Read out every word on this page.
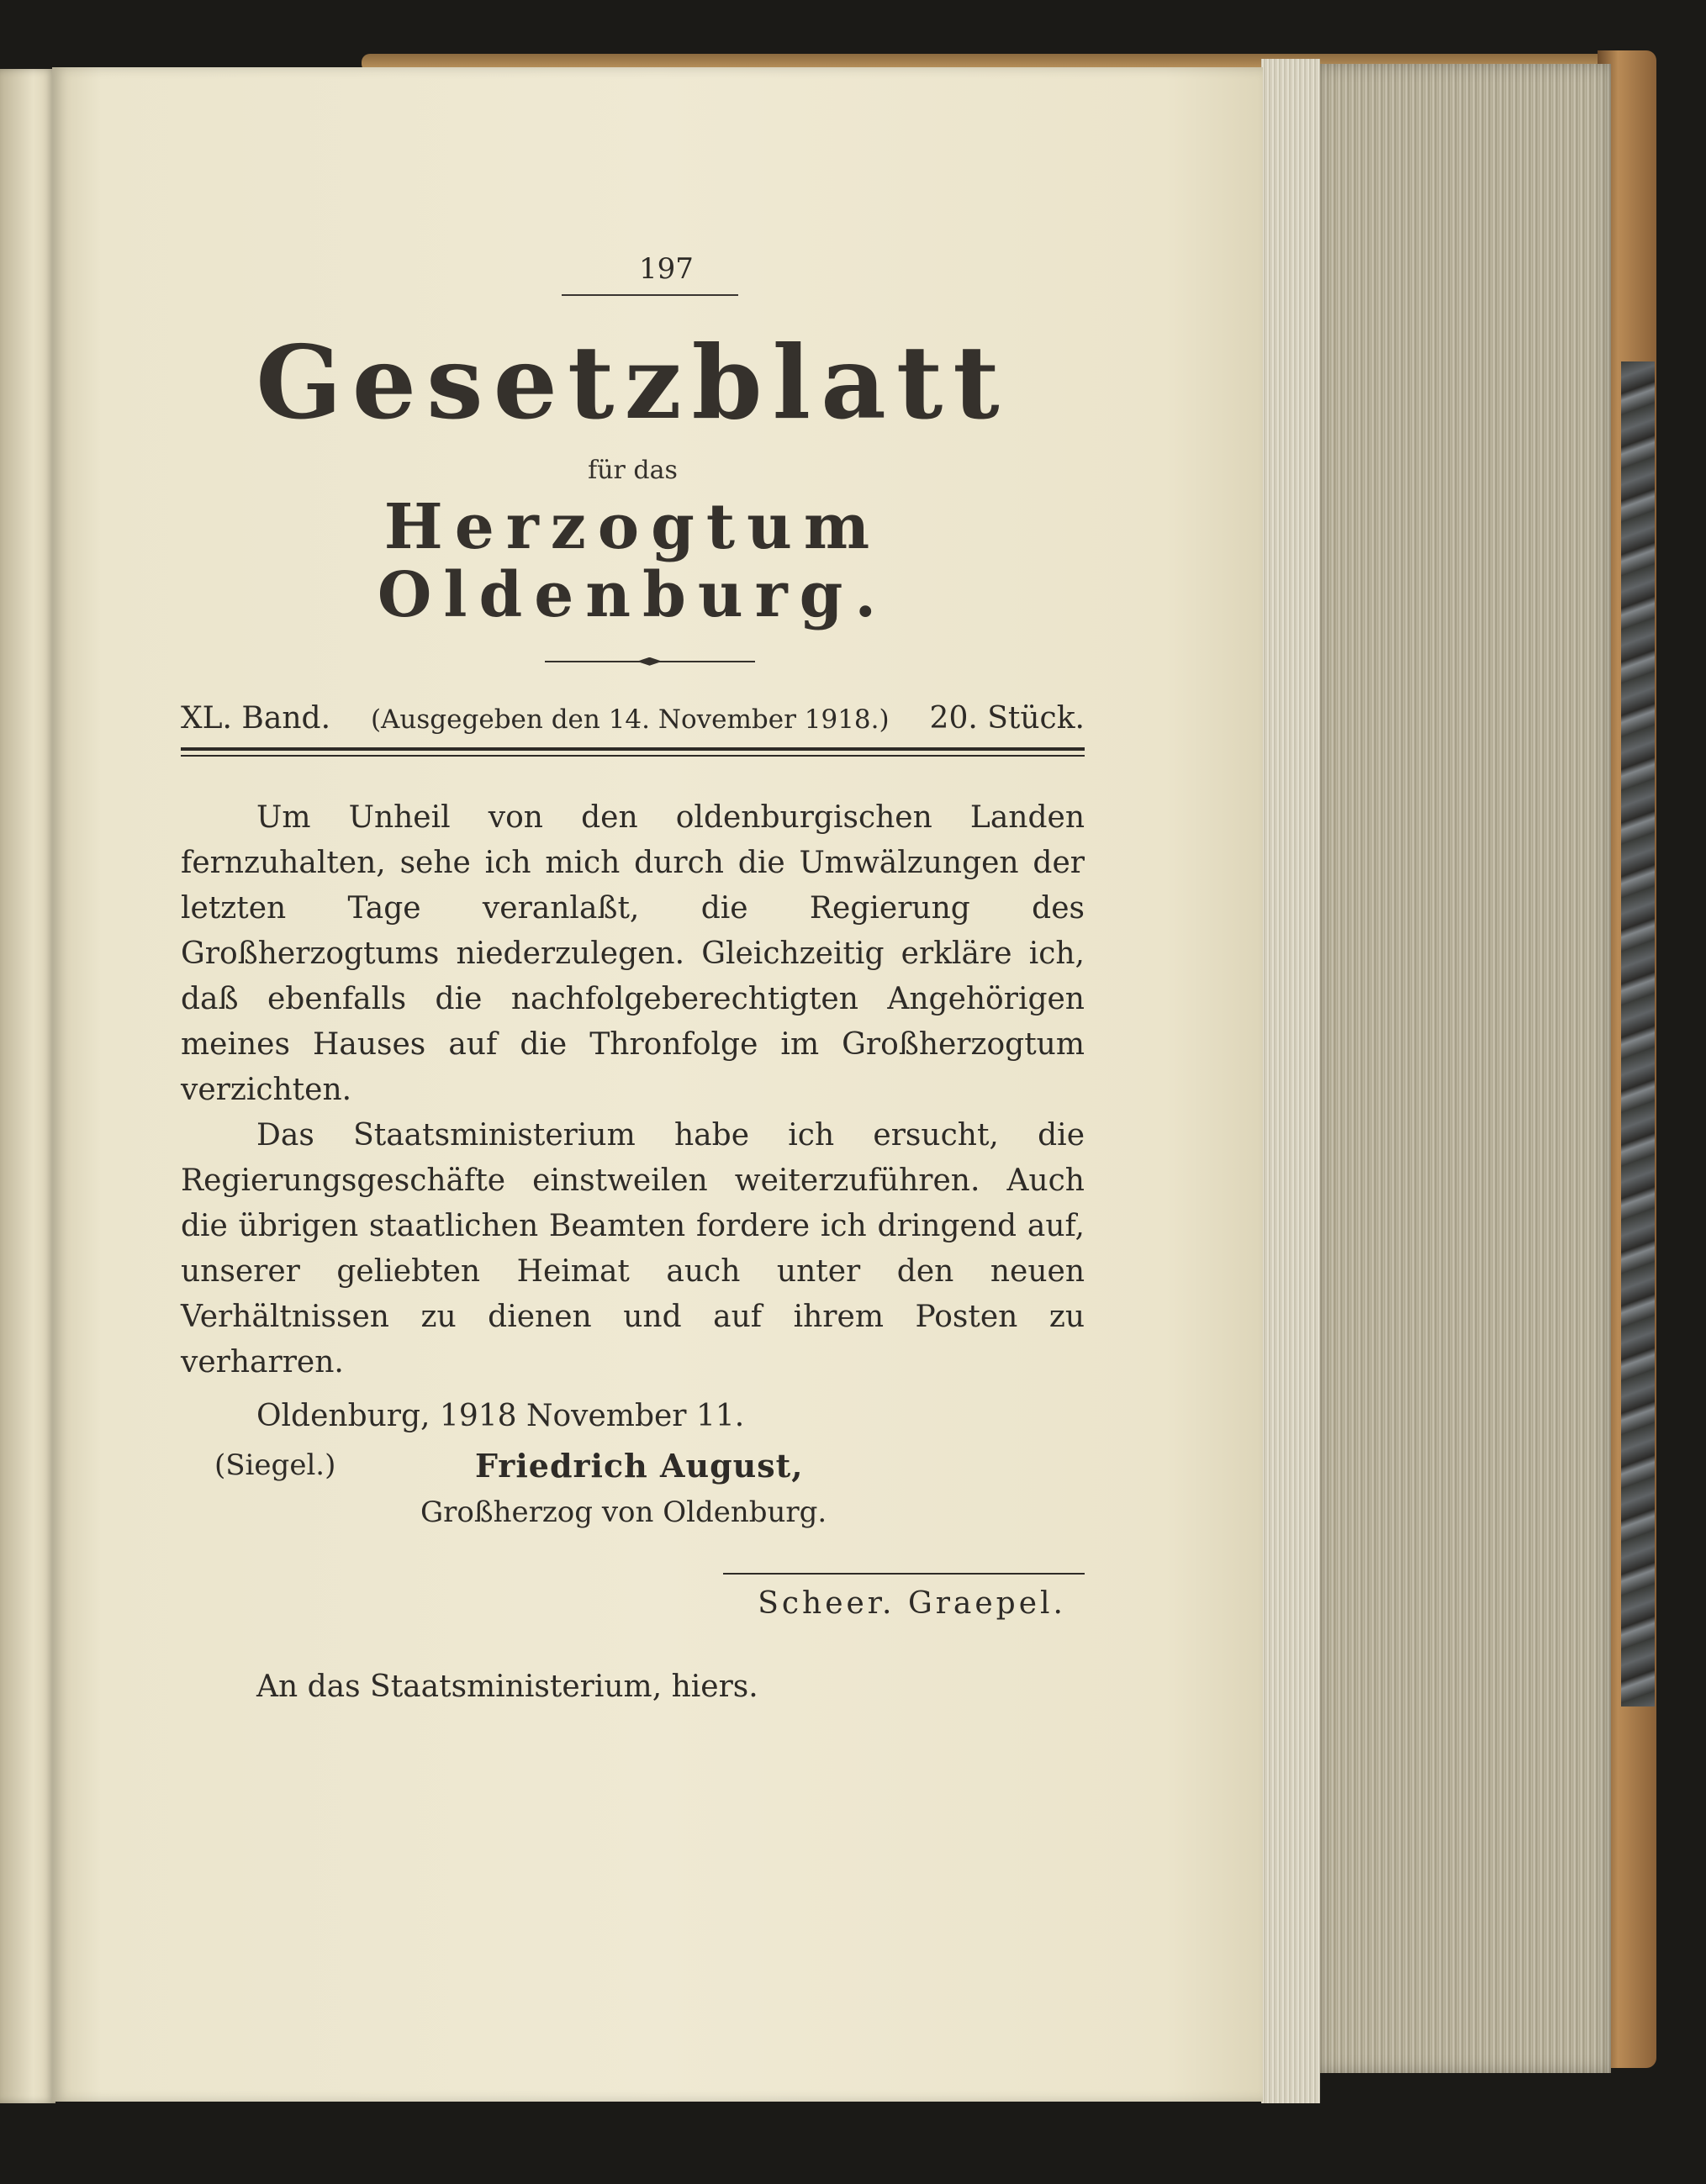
197
Gesetzblatt
für das
Herzogtum Oldenburg.
XL. Band. (Ausgegeben den 14. November 1918.) 20. Stück.

Um Unheil von den oldenburgischen Landen fernzuhalten, sehe ich mich durch die Umwälzungen der letzten Tage veranlaßt, die Regierung des Großherzogtums niederzulegen. Gleichzeitig erkläre ich, daß ebenfalls die nachfolgeberechtigten Angehörigen meines Hauses auf die Thronfolge im Großherzogtum verzichten.

Das Staatsministerium habe ich ersucht, die Regierungsgeschäfte einstweilen weiterzuführen. Auch die übrigen staatlichen Beamten fordere ich dringend auf, unserer geliebten Heimat auch unter den neuen Verhältnissen zu dienen und auf ihrem Posten zu verharren.

Oldenburg, 1918 November 11.
(Siegel.)	Friedrich August,
Großherzog von Oldenburg.
Scheer. Graepel.
An das Staatsministerium, hiers.
